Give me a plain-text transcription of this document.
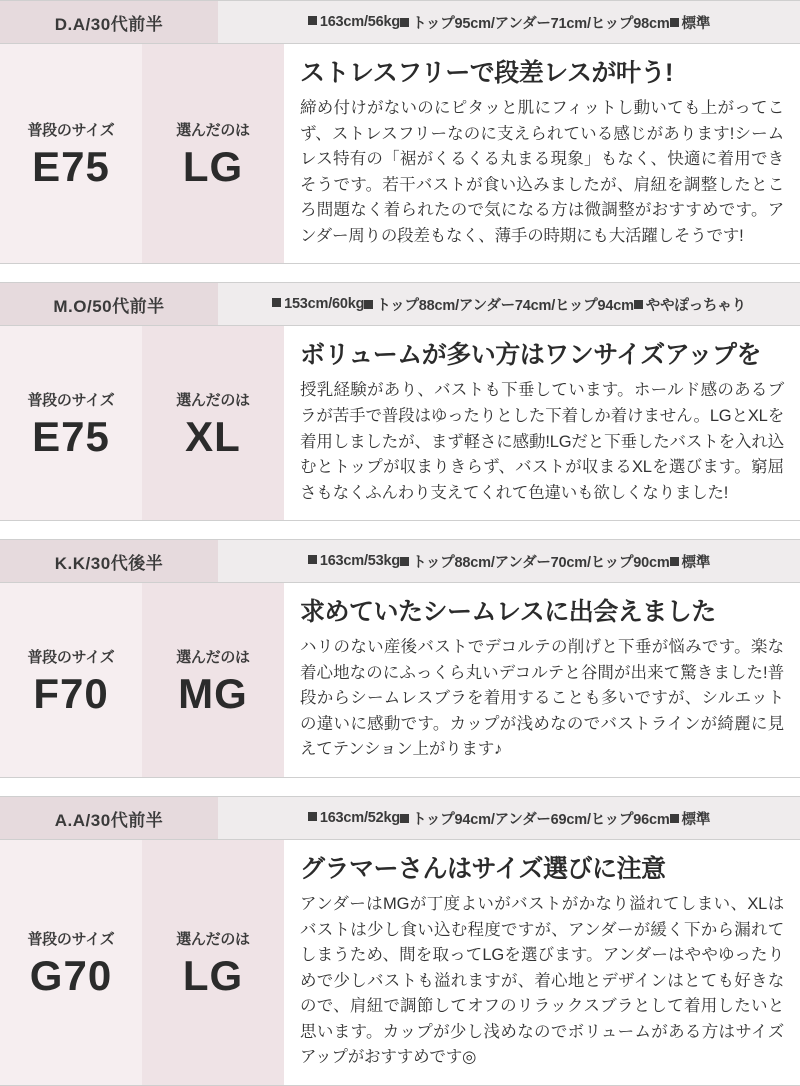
D.A/30代前半	163cm/56kg トップ95cm/アンダー71cm/ヒップ98cm 標準
普段のサイズ
E75
選んだのは
LG
ストレスフリーで段差レスが叶う!

締め付けがないのにピタッと肌にフィットし動いても上がってこず、ストレスフリーなのに支えられている感じがあります!シームレス特有の「裾がくるくる丸まる現象」もなく、快適に着用できそうです。若干バストが食い込みましたが、肩紐を調整したところ問題なく着られたので気になる方は微調整がおすすめです。アンダー周りの段差もなく、薄手の時期にも大活躍しそうです!

M.O/50代前半	153cm/60kg トップ88cm/アンダー74cm/ヒップ94cm ややぽっちゃり
普段のサイズ
E75
選んだのは
XL
ボリュームが多い方はワンサイズアップを

授乳経験があり、バストも下垂しています。ホールド感のあるブラが苦手で普段はゆったりとした下着しか着けません。LGとXLを着用しましたが、まず軽さに感動!LGだと下垂したバストを入れ込むとトップが収まりきらず、バストが収まるXLを選びます。窮屈さもなくふんわり支えてくれて色違いも欲しくなりました!

K.K/30代後半	163cm/53kg トップ88cm/アンダー70cm/ヒップ90cm 標準
普段のサイズ
F70
選んだのは
MG
求めていたシームレスに出会えました

ハリのない産後バストでデコルテの削げと下垂が悩みです。楽な着心地なのにふっくら丸いデコルテと谷間が出来て驚きました!普段からシームレスブラを着用することも多いですが、シルエットの違いに感動です。カップが浅めなのでバストラインが綺麗に見えてテンション上がります♪

A.A/30代前半	163cm/52kg トップ94cm/アンダー69cm/ヒップ96cm 標準
普段のサイズ
G70
選んだのは
LG
グラマーさんはサイズ選びに注意

アンダーはMGが丁度よいがバストがかなり溢れてしまい、XLはバストは少し食い込む程度ですが、アンダーが緩く下から漏れてしまうため、間を取ってLGを選びます。アンダーはややゆったりめで少しバストも溢れますが、着心地とデザインはとても好きなので、肩紐で調節してオフのリラックスブラとして着用したいと思います。カップが少し浅めなのでボリュームがある方はサイズアップがおすすめです◎
